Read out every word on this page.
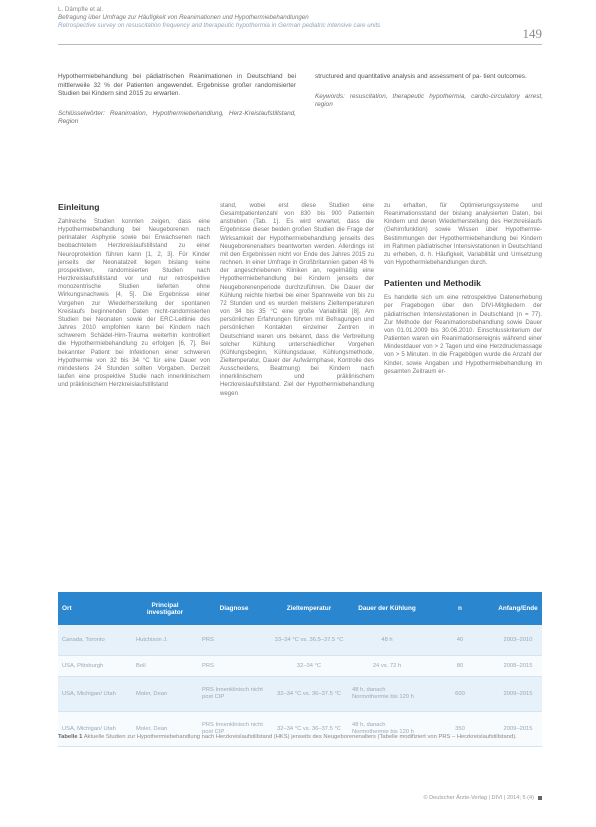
L. Dämpfle et al.
Befragung über Umfrage zur Häufigkeit von Reanimationen und Hypothermiebehandlungen
Retrospective survey on resuscitation frequency and therapeutic hypothermia in German pediatric intensive care units
149

Hypothermiebehandlung bei pädiatrischen Reanimationen in Deutschland bei mittlerweile 32 % der Patienten angewendet. Ergebnisse großer randomisierter Studien bei Kindern sind 2015 zu erwarten.

Schlüsselwörter: Reanimation, Hypothermiebehandlung, Herz-Kreislaufstillstand, Region

structured and quantitative analysis and assessment of pa- tient outcomes.

Keywords: resuscitation, therapeutic hypothermia, cardio-circulatory arrest, region

Einleitung

Zahlreiche Studien konnten zeigen, dass eine Hypothermiebehandlung bei Neugeborenen nach perinataler Asphyxie sowie bei Erwachsenen nach beobachtetem Herzkreislaufstillstand zu einer Neuroprotektion führen kann [1, 2, 3]. Für Kinder jenseits der Neonatalzeit liegen bislang keine prospektiven, randomisierten Studien nach Herzkreislaufstillstand vor und nur retrospektive monozentrische Studien lieferten ohne Wirkungsnachweis [4, 5]. Die Ergebnisse einer Vorgehen zur Wiederherstellung der spontanen Kreislaufs beginnenden Daten nicht-randomisierten Studien bei Neonaten sowie der ERC-Leitlinie des Jahres 2010 empfohlen kann bei Kindern nach schwerem Schädel-Hirn-Trauma weiterhin kontrolliert die Hypothermiebehandlung zu erfolgen [6, 7]. Bei bekannter Patient bei Infektionen einer schweren Hypothermie von 32 bis 34 °C für eine Dauer von mindestens 24 Stunden sollten Vorgaben. Derzeit laufen eine prospektive Studie nach innerklinischem und präklinischem Herzkreislaufstillstand

stand, wobei erst diese Studien eine Gesamtpatientenzahl von 830 bis 900 Patienten anstreben (Tab. 1). Es wird erwartet, dass die Ergebnisse dieser beiden großen Studien die Frage der Wirksamkeit der Hypothermiebehandlung jenseits des Neugeborenenalters beantworten werden. Allerdings ist mit den Ergebnissen nicht vor Ende des Jahres 2015 zu rechnen. In einer Umfrage in Großbritannien gaben 48 % der angeschriebenen Kliniken an, regelmäßig eine Hypothermiebehandlung bei Kindern jenseits der Neugeborenenperiode durchzuführen. Die Dauer der Kühlung reichte hierbei bei einer Spannweite von bis zu 72 Stunden und es wurden meistens Zieltemperaturen von 34 bis 35 °C eine große Variabilität [8]. Am persönlichen Erfahrungen führten mit Befragungen und persönlichen Kontakten einzelner Zentren in Deutschland waren uns bekannt, dass die Verbreitung solcher Kühlung unterschiedlicher Vorgehen (Kühlungsbeginn, Kühlungsdauer, Kühlungsmethode, Zieltemperatur, Dauer der Aufwärmphase, Kontrolle des Ausscheidens, Beatmung) bei Kindern nach innerklinischem und präklinischem Herzkreislaufstillstand. Ziel der Hypothermiebehandlung wegen

zu erhalten, für Optimierungssysteme und Reanimationsstand der bislang analysierten Daten, bei Kindern und deren Wiederherstellung des Herzkreislaufs (Gehirnfunktion) sowie Wissen über Hypothermie-Bestimmungen der Hypothermiebehandlung bei Kindern im Rahmen pädiatrischer Intensivstationen in Deutschland zu erheben, d. h. Häufigkeit, Variabilität und Umsetzung von Hypothermiebehandlungen durch.

Patienten und Methodik

Es handelte sich um eine retrospektive Datenerhebung per Fragebogen über den DIVI-Mitgliedern der pädiatrischen Intensivstationen in Deutschland (n = 77). Zur Methode der Reanimationsbehandlung sowie Dauer von 01.01.2009 bis 30.06.2010. Einschlusskriterium der Patienten waren ein Reanimationsereignis während einer Mindestdauer von > 2 Tagen und eine Herzdruckmassage von > 5 Minuten. In die Fragebögen wurde die Anzahl der Kinder, sowie Angaben und Hypothermiebehandlung im gesamten Zeitraum er-

Ort	Principal investigator	Diagnose	Zieltemperatur	Dauer der Kühlung	n	Anfang/Ende
Canada, Toronto	Hutchison J.	PRS	33–34 °C vs. 36.5–37.5 °C	48 h	40	2003–2010
USA, Pittsburgh	Bell	PRS	32–34 °C	24 vs. 72 h	80	2008–2015
USA, Michigan/ Utah	Moler, Dean	PRS Innenklinisch nicht post CIP	32–34 °C vs. 36–37.5 °C	48 h, danach Normothermie bis 120 h	600	2009–2015
USA, Michigan/ Utah	Moler, Dean	PRS Innenklinisch nicht post CIP	32–34 °C vs. 36–37.5 °C	48 h, danach Normothermie bis 120 h	350	2009–2015
Tabelle 1 Aktuelle Studien zur Hypothermiebehandlung nach Herzkreislaufstillstand (HKS) jenseits des Neugeborenenalters (Tabelle modifiziert von PRS – Herzkreislaufstillstand).
© Deutscher Ärzte-Verlag | DIVI | 2014; 5 (4)
